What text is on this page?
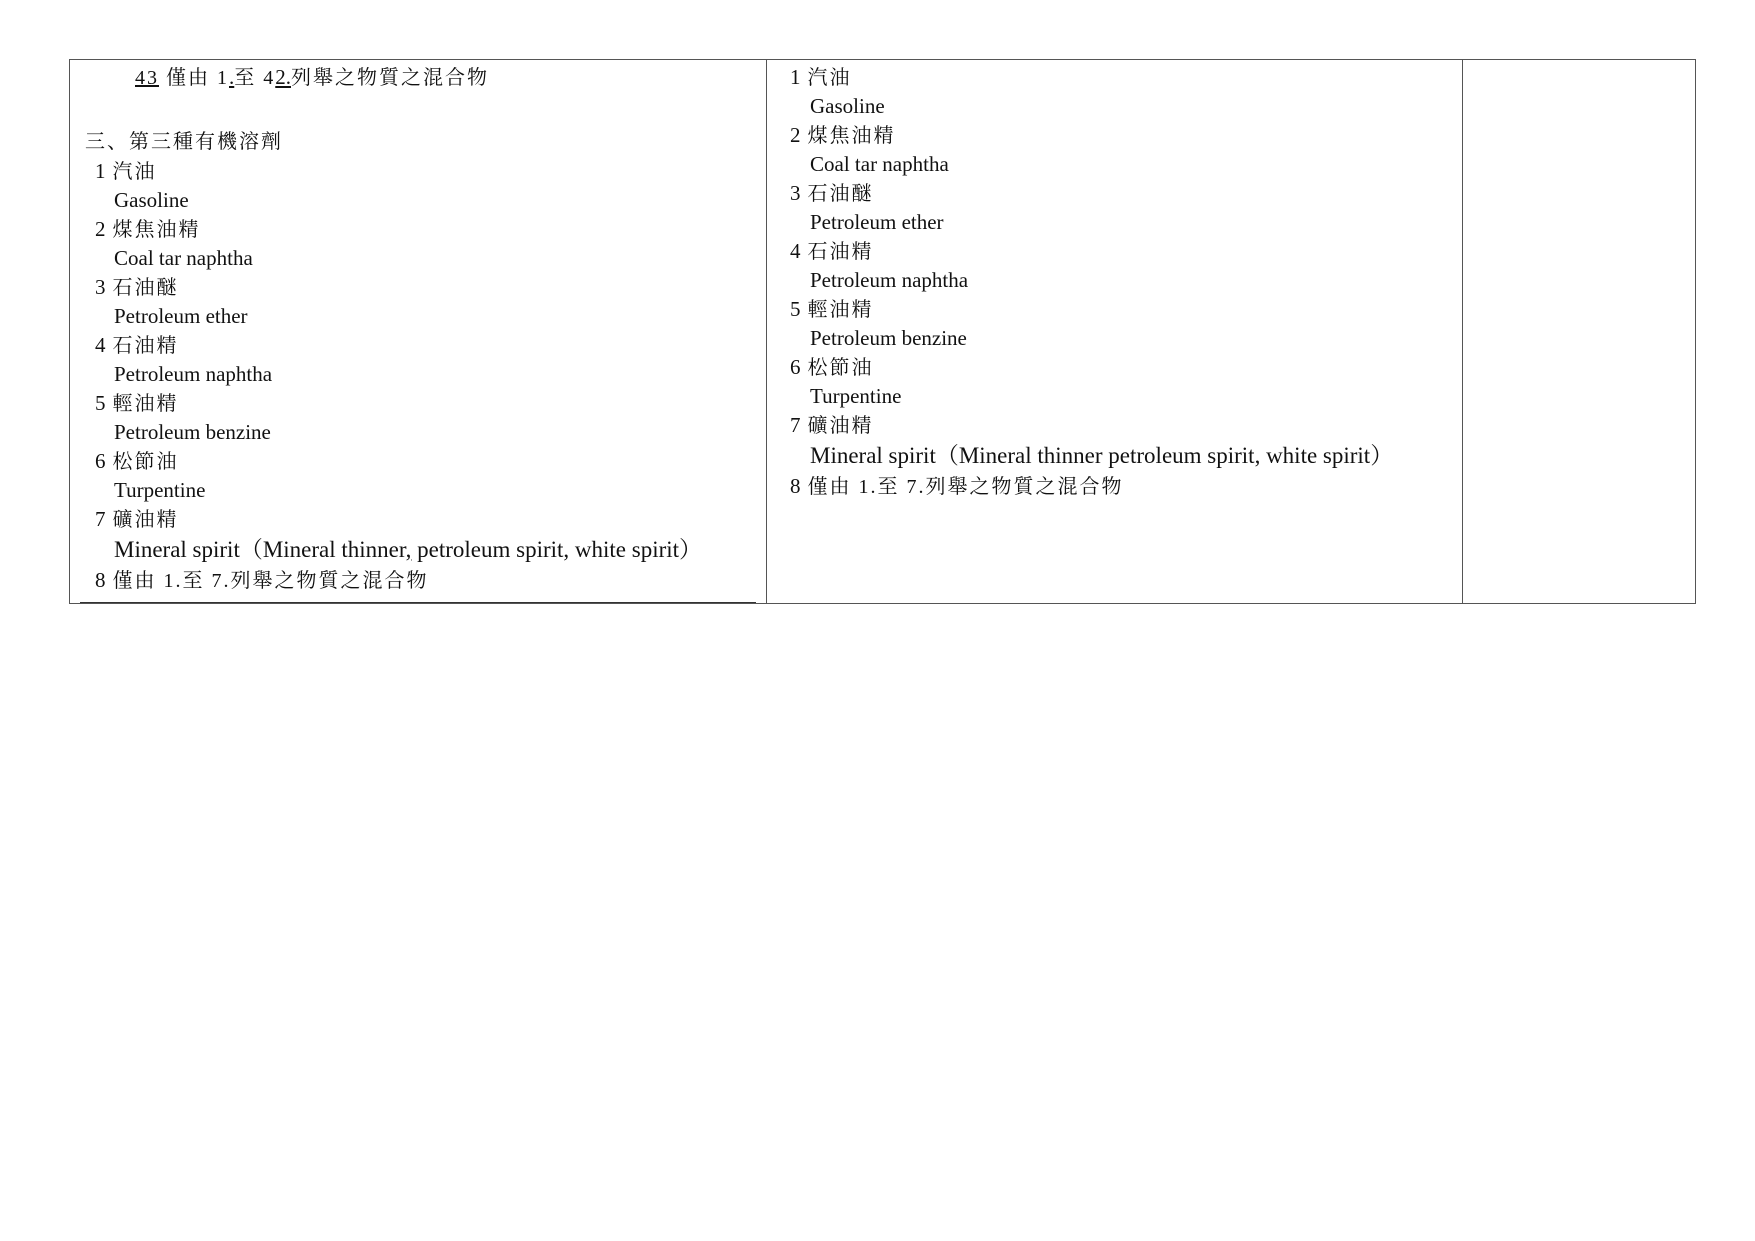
43 僅由 1.至 42.列舉之物質之混合物
三、第三種有機溶劑
1 汽油
Gasoline
2 煤焦油精
Coal tar naphtha
3 石油醚
Petroleum ether
4 石油精
Petroleum naphtha
5 輕油精
Petroleum benzine
6 松節油
Turpentine
7 礦油精
Mineral spirit（Mineral thinner, petroleum spirit, white spirit）
8 僅由 1.至 7.列舉之物質之混合物
1 汽油
Gasoline
2 煤焦油精
Coal tar naphtha
3 石油醚
Petroleum ether
4 石油精
Petroleum naphtha
5 輕油精
Petroleum benzine
6 松節油
Turpentine
7 礦油精
Mineral spirit（Mineral thinner petroleum spirit, white spirit）
8 僅由 1.至 7.列舉之物質之混合物
